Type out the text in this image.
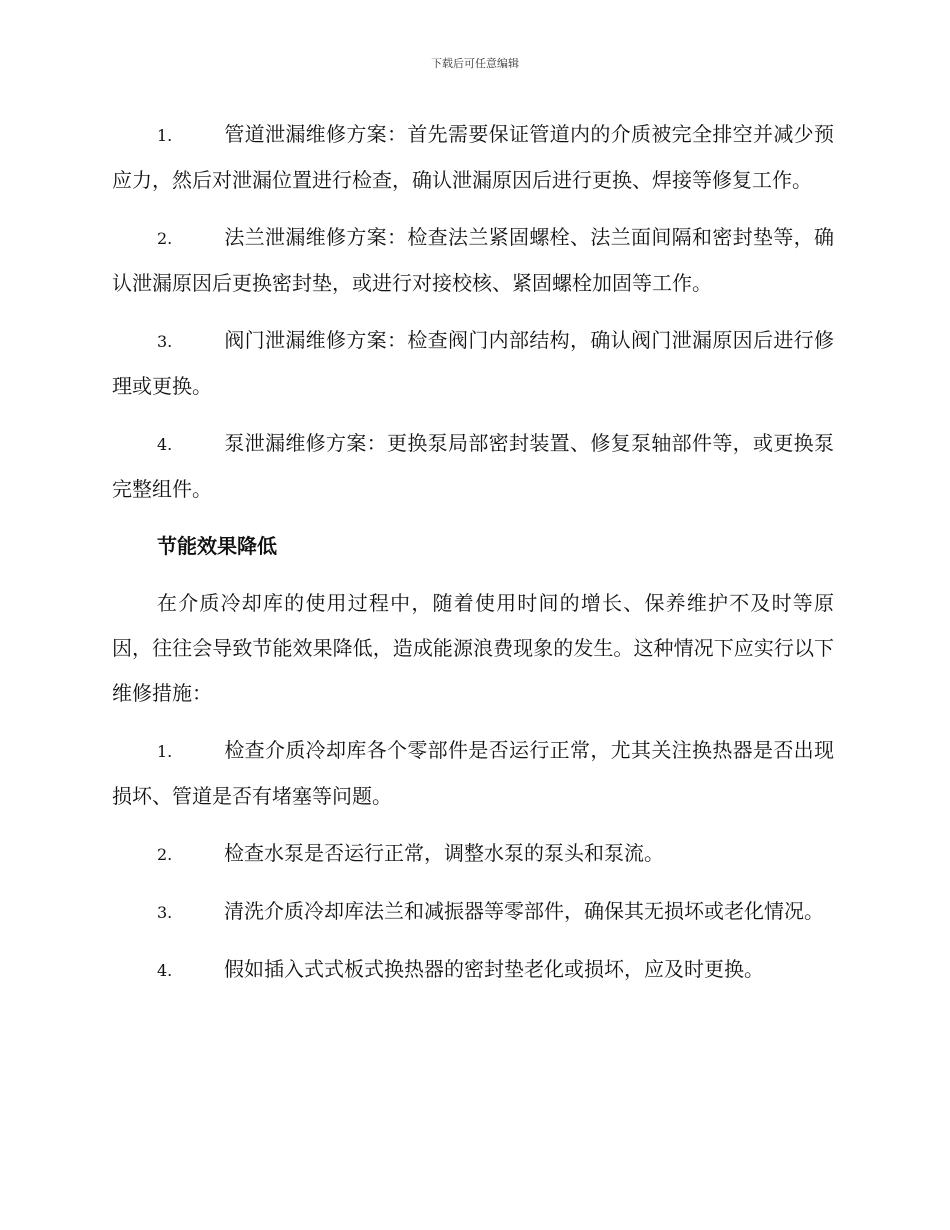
下载后可任意编辑

1.	管道泄漏维修方案：首先需要保证管道内的介质被完全排空并减少预应力，然后对泄漏位置进行检查，确认泄漏原因后进行更换、焊接等修复工作。

2.	法兰泄漏维修方案：检查法兰紧固螺栓、法兰面间隔和密封垫等，确认泄漏原因后更换密封垫，或进行对接校核、紧固螺栓加固等工作。

3.	阀门泄漏维修方案：检查阀门内部结构，确认阀门泄漏原因后进行修理或更换。

4.	泵泄漏维修方案：更换泵局部密封装置、修复泵轴部件等，或更换泵完整组件。

节能效果降低

在介质冷却库的使用过程中，随着使用时间的增长、保养维护不及时等原因，往往会导致节能效果降低，造成能源浪费现象的发生。这种情况下应实行以下维修措施：

1.	检查介质冷却库各个零部件是否运行正常，尤其关注换热器是否出现损坏、管道是否有堵塞等问题。

2.	检查水泵是否运行正常，调整水泵的泵头和泵流。

3.	清洗介质冷却库法兰和减振器等零部件，确保其无损坏或老化情况。

4.	假如插入式式板式换热器的密封垫老化或损坏，应及时更换。
